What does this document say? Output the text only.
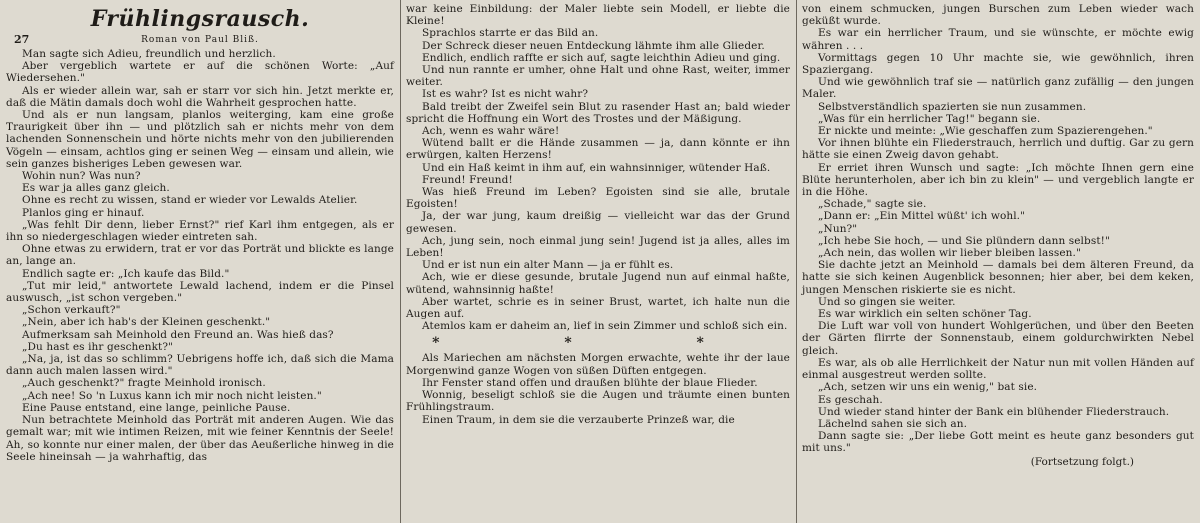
Frühlingsrausch.
27	Roman von Paul Bliß.

Man sagte sich Adieu, freundlich und herzlich.

Aber vergeblich wartete er auf die schönen Worte: „Auf Wiedersehen."

Als er wieder allein war, sah er starr vor sich hin. Jetzt merkte er, daß die Mätin damals doch wohl die Wahrheit gesprochen hatte.

Und als er nun langsam, planlos weiterging, kam eine große Traurigkeit über ihn — und plötzlich sah er nichts mehr von dem lachenden Sonnenschein und hörte nichts mehr von den jubilierenden Vögeln — einsam, achtlos ging er seinen Weg — einsam und allein, wie sein ganzes bisheriges Leben gewesen war.

Wohin nun? Was nun?

Es war ja alles ganz gleich.

Ohne es recht zu wissen, stand er wieder vor Lewalds Atelier.

Planlos ging er hinauf.

„Was fehlt Dir denn, lieber Ernst?" rief Karl ihm entgegen, als er ihn so niedergeschlagen wieder eintreten sah.

Ohne etwas zu erwidern, trat er vor das Porträt und blickte es lange an, lange an.

Endlich sagte er: „Ich kaufe das Bild."

„Tut mir leid," antwortete Lewald lachend, indem er die Pinsel auswusch, „ist schon vergeben."

„Schon verkauft?"

„Nein, aber ich hab's der Kleinen geschenkt."

Aufmerksam sah Meinhold den Freund an. Was hieß das?

„Du hast es ihr geschenkt?"

„Na, ja, ist das so schlimm? Uebrigens hoffe ich, daß sich die Mama dann auch malen lassen wird."

„Auch geschenkt?" fragte Meinhold ironisch.

„Ach nee! So 'n Luxus kann ich mir noch nicht leisten."

Eine Pause entstand, eine lange, peinliche Pause.

Nun betrachtete Meinhold das Porträt mit anderen Augen. Wie das gemalt war; mit wie intimen Reizen, mit wie feiner Kenntnis der Seele! Ah, so konnte nur einer malen, der über das Aeußerliche hinweg in die Seele hineinsah — ja wahrhaftig, das

war keine Einbildung: der Maler liebte sein Modell, er liebte die Kleine!

Sprachlos starrte er das Bild an.

Der Schreck dieser neuen Entdeckung lähmte ihm alle Glieder.

Endlich, endlich raffte er sich auf, sagte leichthin Adieu und ging.

Und nun rannte er umher, ohne Halt und ohne Rast, weiter, immer weiter.

Ist es wahr? Ist es nicht wahr?

Bald treibt der Zweifel sein Blut zu rasender Hast an; bald wieder spricht die Hoffnung ein Wort des Trostes und der Mäßigung.

Ach, wenn es wahr wäre!

Wütend ballt er die Hände zusammen — ja, dann könnte er ihn erwürgen, kalten Herzens!

Und ein Haß keimt in ihm auf, ein wahnsinniger, wütender Haß.

Freund! Freund!

Was hieß Freund im Leben? Egoisten sind sie alle, brutale Egoisten!

Ja, der war jung, kaum dreißig — vielleicht war das der Grund gewesen.

Ach, jung sein, noch einmal jung sein! Jugend ist ja alles, alles im Leben!

Und er ist nun ein alter Mann — ja er fühlt es.

Ach, wie er diese gesunde, brutale Jugend nun auf einmal haßte, wütend, wahnsinnig haßte!

Aber wartet, schrie es in seiner Brust, wartet, ich halte nun die Augen auf.

Atemlos kam er daheim an, lief in sein Zimmer und schloß sich ein.

* * *

Als Mariechen am nächsten Morgen erwachte, wehte ihr der laue Morgenwind ganze Wogen von süßen Düften entgegen.

Ihr Fenster stand offen und draußen blühte der blaue Flieder.

Wonnig, beseligt schloß sie die Augen und träumte einen bunten Frühlingstraum.

Einen Traum, in dem sie die verzauberte Prinzeß war, die

von einem schmucken, jungen Burschen zum Leben wieder wach geküßt wurde.

Es war ein herrlicher Traum, und sie wünschte, er möchte ewig währen . . .

Vormittags gegen 10 Uhr machte sie, wie gewöhnlich, ihren Spaziergang.

Und wie gewöhnlich traf sie — natürlich ganz zufällig — den jungen Maler.

Selbstverständlich spazierten sie nun zusammen.

„Was für ein herrlicher Tag!" begann sie.

Er nickte und meinte: „Wie geschaffen zum Spazierengehen."

Vor ihnen blühte ein Fliederstrauch, herrlich und duftig. Gar zu gern hätte sie einen Zweig davon gehabt.

Er erriet ihren Wunsch und sagte: „Ich möchte Ihnen gern eine Blüte herunterholen, aber ich bin zu klein" — und vergeblich langte er in die Höhe.

„Schade," sagte sie.

„Dann er: „Ein Mittel wüßt' ich wohl."

„Nun?"

„Ich hebe Sie hoch, — und Sie plündern dann selbst!"

„Ach nein, das wollen wir lieber bleiben lassen."

Sie dachte jetzt an Meinhold — damals bei dem älteren Freund, da hatte sie sich keinen Augenblick besonnen; hier aber, bei dem keken, jungen Menschen riskierte sie es nicht.

Und so gingen sie weiter.

Es war wirklich ein selten schöner Tag.

Die Luft war voll von hundert Wohlgerüchen, und über den Beeten der Gärten flirrte der Sonnenstaub, einem goldurchwirkten Nebel gleich.

Es war, als ob alle Herrlichkeit der Natur nun mit vollen Händen auf einmal ausgestreut werden sollte.

„Ach, setzen wir uns ein wenig," bat sie.

Es geschah.

Und wieder stand hinter der Bank ein blühender Fliederstrauch.

Lächelnd sahen sie sich an.

Dann sagte sie: „Der liebe Gott meint es heute ganz besonders gut mit uns."

(Fortsetzung folgt.)
